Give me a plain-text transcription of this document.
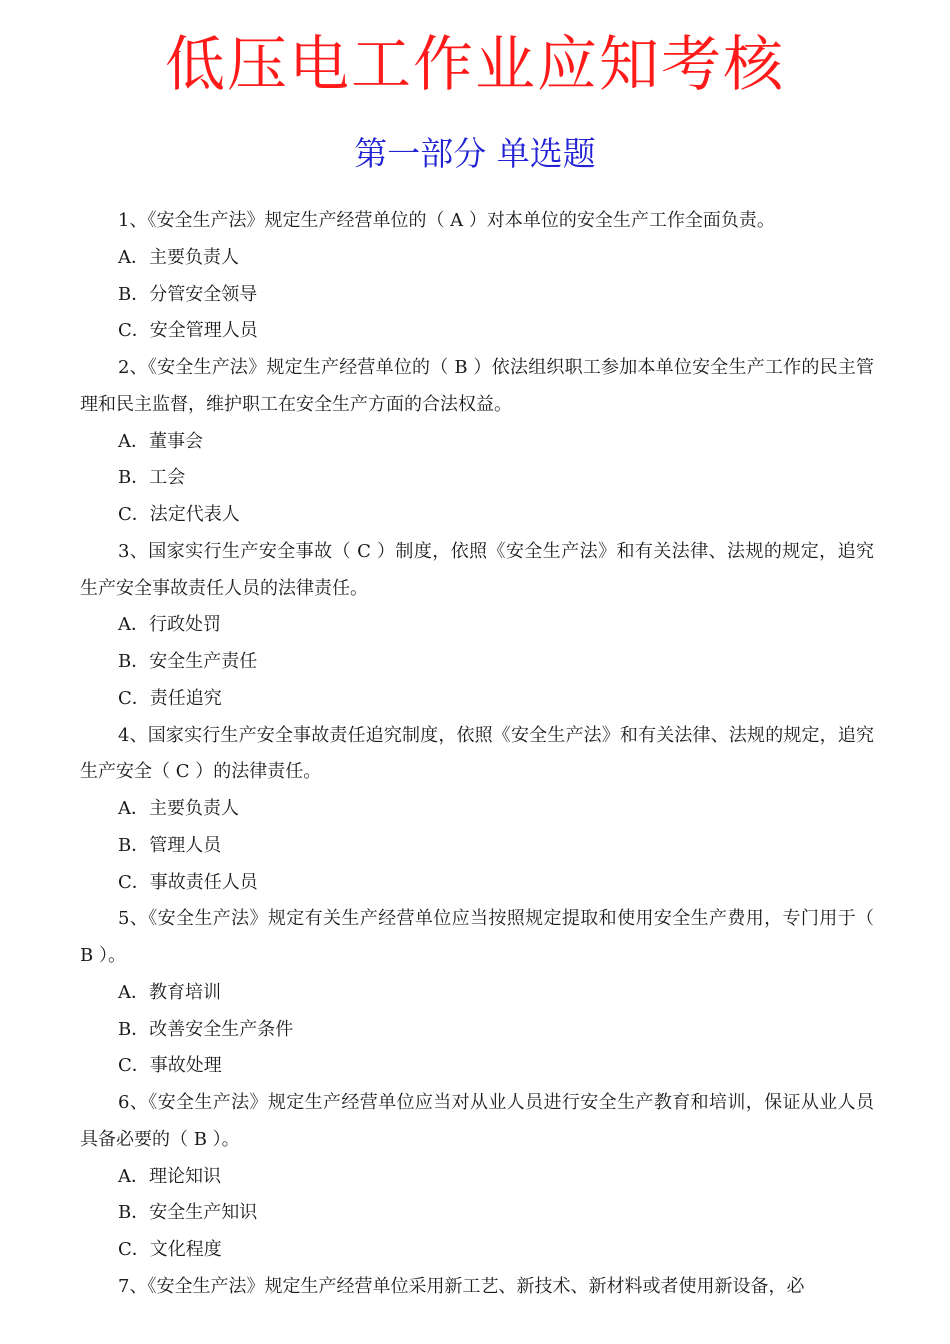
低压电工作业应知考核
第一部分 单选题

1、《安全生产法》规定生产经营单位的（ A ）对本单位的安全生产工作全面负责。

A．主要负责人

B．分管安全领导

C．安全管理人员

2、《安全生产法》规定生产经营单位的（ B ）依法组织职工参加本单位安全生产工作的民主管理和民主监督，维护职工在安全生产方面的合法权益。

A．董事会

B．工会

C．法定代表人

3、国家实行生产安全事故（ C ）制度，依照《安全生产法》和有关法律、法规的规定，追究生产安全事故责任人员的法律责任。

A．行政处罚

B．安全生产责任

C．责任追究

4、国家实行生产安全事故责任追究制度，依照《安全生产法》和有关法律、法规的规定，追究生产安全（ C ）的法律责任。

A．主要负责人

B．管理人员

C．事故责任人员

5、《安全生产法》规定有关生产经营单位应当按照规定提取和使用安全生产费用，专门用于（ B ）。

A．教育培训

B．改善安全生产条件

C．事故处理

6、《安全生产法》规定生产经营单位应当对从业人员进行安全生产教育和培训，保证从业人员具备必要的（ B ）。

A．理论知识

B．安全生产知识

C．文化程度

7、《安全生产法》规定生产经营单位采用新工艺、新技术、新材料或者使用新设备，必
